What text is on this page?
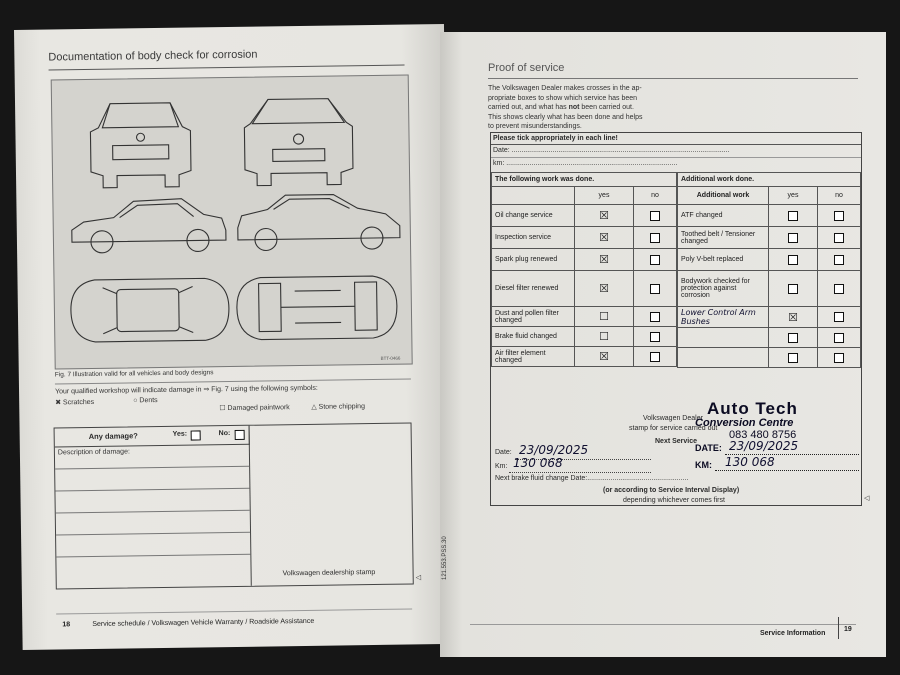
Documentation of body check for corrosion
Fig. 7 Illustration valid for all vehicles and body designs
BTT-0466
Your qualified workshop will indicate damage in ⇒ Fig. 7 using the following symbols:
✖ Scratches	○ Dents
☐ Damaged paintwork	△ Stone chipping
Any damage?	Yes:	No:
Description of damage:
Volkswagen dealership stamp
◁
18	Service schedule / Volkswagen Vehicle Warranty / Roadside Assistance
Proof of service
The Volkswagen Dealer makes crosses in the ap-
propriate boxes to show which service has been
carried out, and what has not been carried out.
This shows clearly what has been done and helps
to prevent misunderstandings.
Please tick appropriately in each line!
Date: ................................................................................................................
km: ........................................................................................
The following work was done.		
	yes	no
Oil change service	☒	
Inspection service	☒	
Spark plug renewed	☒	
Diesel filter renewed	☒	
Dust and pollen filter changed	☐	
Brake fluid changed	☐	
Air filter element changed	☒	
Additional work done.		
Additional work	yes	no
ATF changed		
Toothed belt / Tensioner changed		
Poly V-belt replaced		
Bodywork checked for protection against corrosion		
Lower Control Arm Bushes	☒	

Volkswagen Dealer
stamp for service carried out
Next Service
Date: 23/09/2025
Km: 130 068
Next brake fluid change Date:....................................................
(or according to Service Interval Display)
depending whichever comes first
Auto Tech
Conversion Centre
083 480 8756
DATE: 23/09/2025
KM: 130 068
◁
121.553.PSS.30
Service Information
19
